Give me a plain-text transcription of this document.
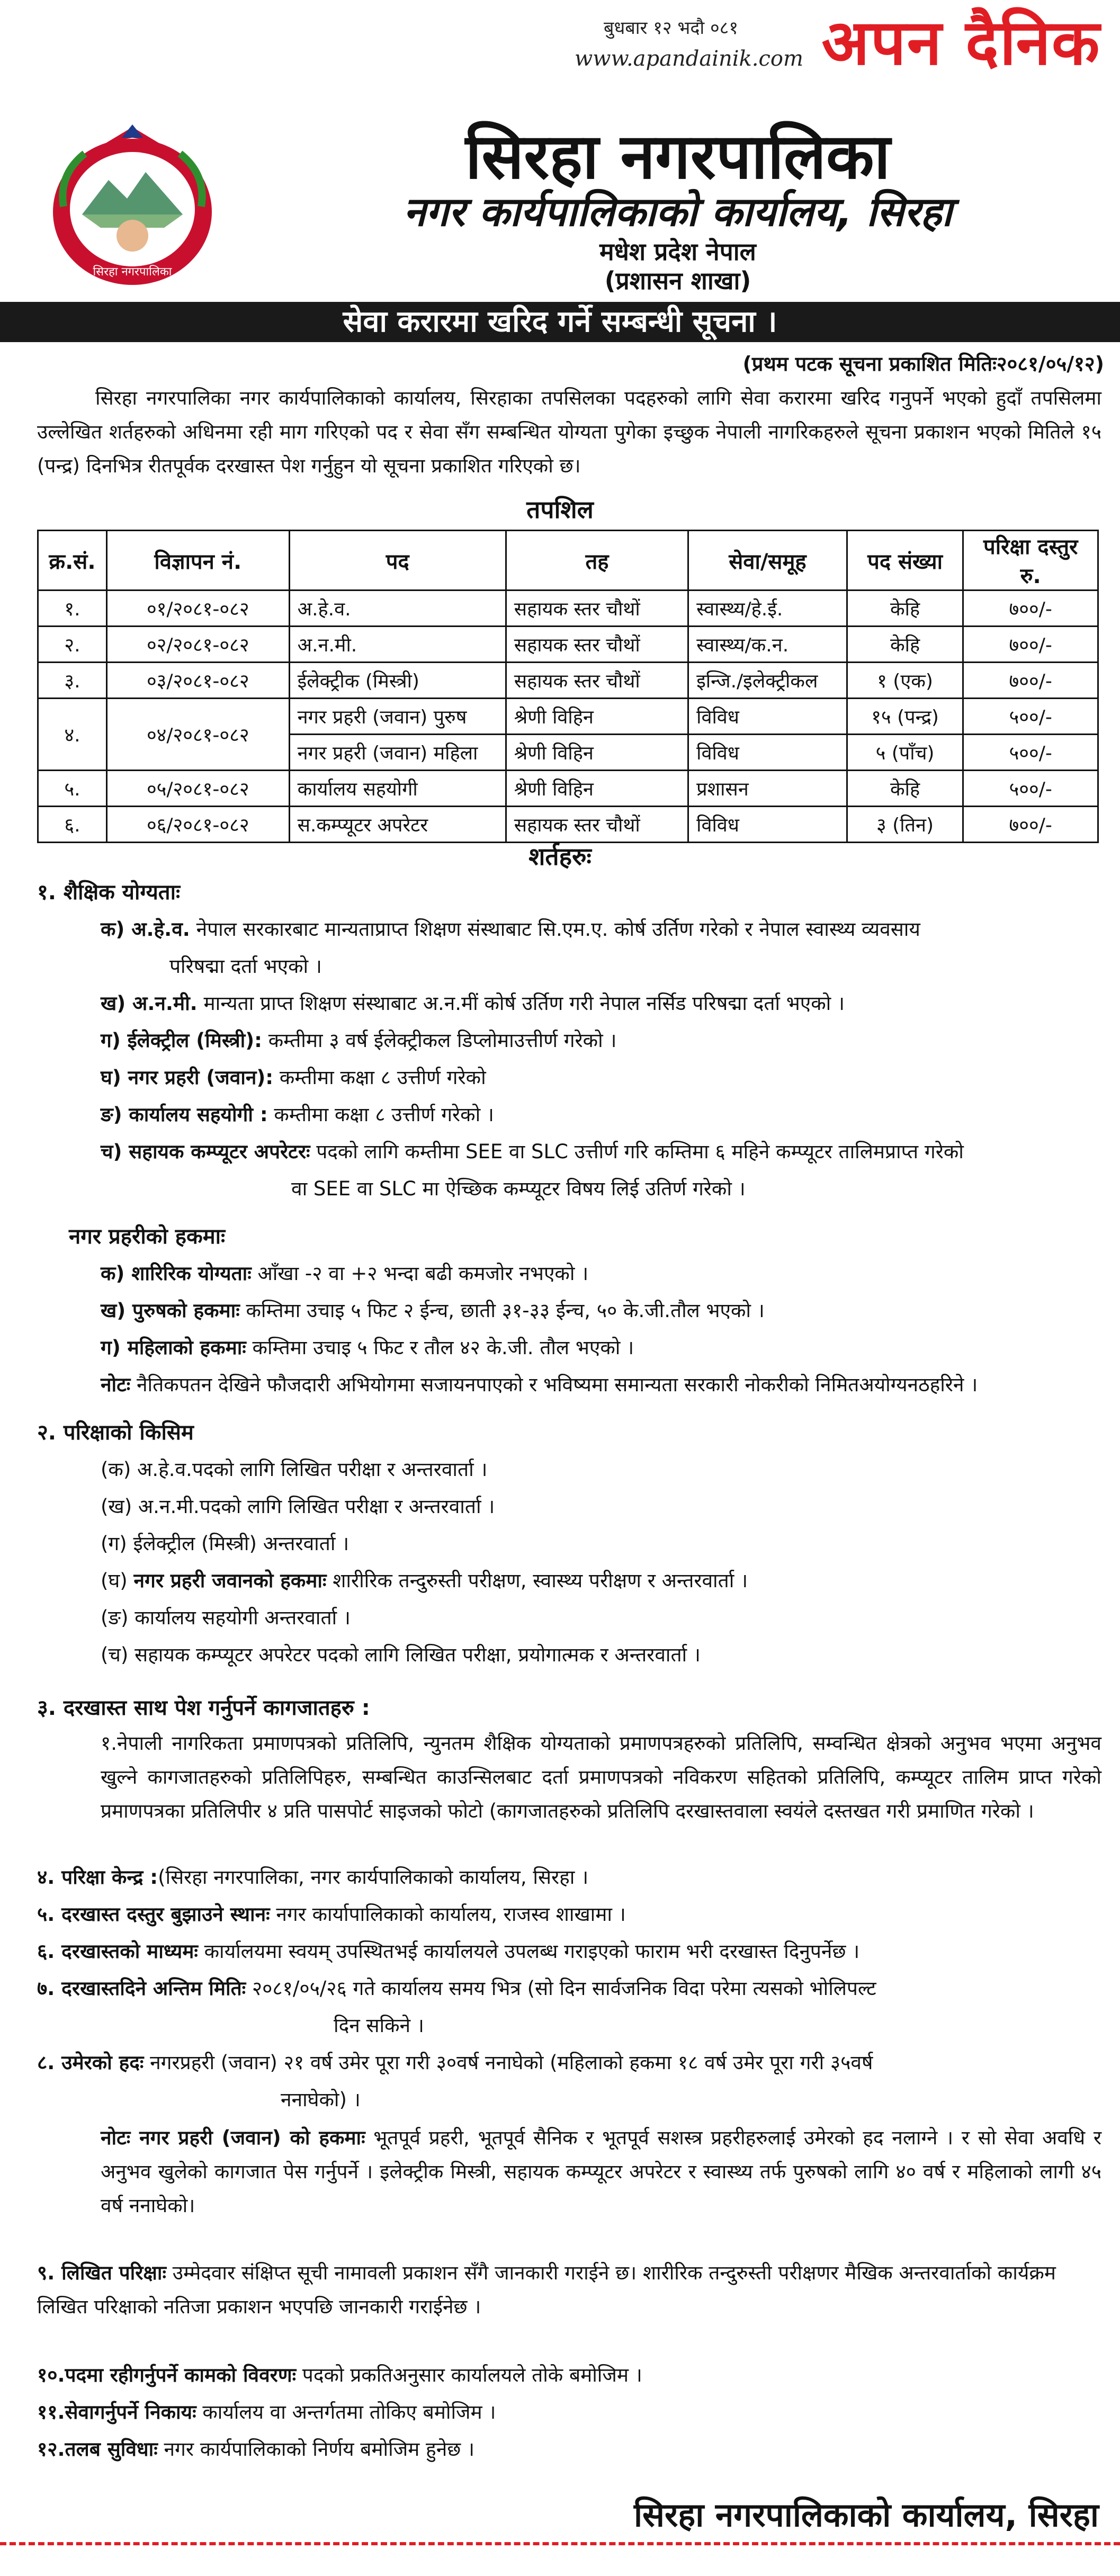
बुधबार १२ भदौ ०८१
www.apandainik.com अपन दैनिक
सिरहा नगरपालिका
सिरहा नगरपालिका
नगर कार्यपालिकाको कार्यालय, सिरहा
मधेश प्रदेश नेपाल
(प्रशासन शाखा)
सेवा करारमा खरिद गर्ने सम्बन्धी सूचना ।
(प्रथम पटक सूचना प्रकाशित मितिः२०८१/०५/१२)
सिरहा नगरपालिका नगर कार्यपालिकाको कार्यालय, सिरहाका तपसिलका पदहरुको लागि सेवा करारमा खरिद गनुपर्ने भएको हुदाँ तपसिलमा उल्लेखित शर्तहरुको अधिनमा रही माग गरिएको पद र सेवा सँग सम्बन्धित योग्यता पुगेका इच्छुक नेपाली नागरिकहरुले सूचना प्रकाशन भएको मितिले १५ (पन्द्र) दिनभित्र रीतपूर्वक दरखास्त पेश गर्नुहुन यो सूचना प्रकाशित गरिएको छ।
तपशिल
क्र.सं.	विज्ञापन नं.	पद	तह	सेवा/समूह	पद संख्या	परिक्षा दस्तुर रु.
१.	०१/२०८१-०८२	अ.हे.व.	सहायक स्तर चौथों	स्वास्थ्य/हे.ई.	केहि	७००/-
२.	०२/२०८१-०८२	अ.न.मी.	सहायक स्तर चौथों	स्वास्थ्य/क.न.	केहि	७००/-
३.	०३/२०८१-०८२	ईलेक्ट्रीक (मिस्त्री)	सहायक स्तर चौथों	इन्जि./इलेक्ट्रीकल	१ (एक)	७००/-
४.	०४/२०८१-०८२	नगर प्रहरी (जवान) पुरुष	श्रेणी विहिन	विविध	१५ (पन्द्र)	५००/-
		नगर प्रहरी (जवान) महिला	श्रेणी विहिन	विविध	५ (पाँच)	५००/-
५.	०५/२०८१-०८२	कार्यालय सहयोगी	श्रेणी विहिन	प्रशासन	केहि	५००/-
६.	०६/२०८१-०८२	स.कम्प्यूटर अपरेटर	सहायक स्तर चौथों	विविध	३ (तिन)	७००/-
शर्तहरुः
१. शैक्षिक योग्यताः
क) अ.हे.व. नेपाल सरकारबाट मान्यताप्राप्त शिक्षण संस्थाबाट सि.एम.ए. कोर्ष उर्तिण गरेको र नेपाल स्वास्थ्य व्यवसाय
परिषद्मा दर्ता भएको ।
ख) अ.न.मी. मान्यता प्राप्त शिक्षण संस्थाबाट अ.न.मीं कोर्ष उर्तिण गरी नेपाल नर्सिड परिषद्मा दर्ता भएको ।
ग) ईलेक्ट्रील (मिस्त्री): कम्तीमा ३ वर्ष ईलेक्ट्रीकल डिप्लोमाउत्तीर्ण गरेको ।
घ) नगर प्रहरी (जवान): कम्तीमा कक्षा ८ उत्तीर्ण गरेको
ङ) कार्यालय सहयोगी : कम्तीमा कक्षा ८ उत्तीर्ण गरेको ।
च) सहायक कम्प्यूटर अपरेटरः पदको लागि कम्तीमा SEE वा SLC उत्तीर्ण गरि कम्तिमा ६ महिने कम्प्यूटर तालिमप्राप्त गरेको
वा SEE वा SLC मा ऐच्छिक कम्प्यूटर विषय लिई उतिर्ण गरेको ।
नगर प्रहरीको हकमाः
क) शारिरिक योग्यताः आँखा -२ वा +२ भन्दा बढी कमजोर नभएको ।
ख) पुरुषको हकमाः कम्तिमा उचाइ ५ फिट २ ईन्च, छाती ३१-३३ ईन्च, ५० के.जी.तौल भएको ।
ग) महिलाको हकमाः कम्तिमा उचाइ ५ फिट र तौल ४२ के.जी. तौल भएको ।
नोटः नैतिकपतन देखिने फौजदारी अभियोगमा सजायनपाएको र भविष्यमा समान्यता सरकारी नोकरीको निमितअयोग्यनठहरिने ।
२. परिक्षाको किसिम
(क) अ.हे.व.पदको लागि लिखित परीक्षा र अन्तरवार्ता ।
(ख) अ.न.मी.पदको लागि लिखित परीक्षा र अन्तरवार्ता ।
(ग) ईलेक्ट्रील (मिस्त्री) अन्तरवार्ता ।
(घ) नगर प्रहरी जवानको हकमाः शारीरिक तन्दुरुस्ती परीक्षण, स्वास्थ्य परीक्षण र अन्तरवार्ता ।
(ङ) कार्यालय सहयोगी अन्तरवार्ता ।
(च) सहायक कम्प्यूटर अपरेटर पदको लागि लिखित परीक्षा, प्रयोगात्मक र अन्तरवार्ता ।
३. दरखास्त साथ पेश गर्नुपर्ने कागजातहरु :
१.नेपाली नागरिकता प्रमाणपत्रको प्रतिलिपि, न्युनतम शैक्षिक योग्यताको प्रमाणपत्रहरुको प्रतिलिपि, सम्वन्धित क्षेत्रको अनुभव भएमा अनुभव खुल्ने कागजातहरुको प्रतिलिपिहरु, सम्बन्धित काउन्सिलबाट दर्ता प्रमाणपत्रको नविकरण सहितको प्रतिलिपि, कम्प्यूटर तालिम प्राप्त गरेको प्रमाणपत्रका प्रतिलिपीर ४ प्रति पासपोर्ट साइजको फोटो (कागजातहरुको प्रतिलिपि दरखास्तवाला स्वयंले दस्तखत गरी प्रमाणित गरेको ।
४. परिक्षा केन्द्र :(सिरहा नगरपालिका, नगर कार्यपालिकाको कार्यालय, सिरहा ।
५. दरखास्त दस्तुर बुझाउने स्थानः नगर कार्यापालिकाको कार्यालय, राजस्व शाखामा ।
६. दरखास्तको माध्यमः कार्यालयमा स्वयम् उपस्थितभई कार्यालयले उपलब्ध गराइएको फाराम भरी दरखास्त दिनुपर्नेछ ।
७. दरखास्तदिने अन्तिम मितिः २०८१/०५/२६ गते कार्यालय समय भित्र (सो दिन सार्वजनिक विदा परेमा त्यसको भोलिपल्ट
दिन सकिने ।
८. उमेरको हदः नगरप्रहरी (जवान) २१ वर्ष उमेर पूरा गरी ३०वर्ष ननाघेको (महिलाको हकमा १८ वर्ष उमेर पूरा गरी ३५वर्ष
ननाघेको) ।
नोटः नगर प्रहरी (जवान) को हकमाः भूतपूर्व प्रहरी, भूतपूर्व सैनिक र भूतपूर्व सशस्त्र प्रहरीहरुलाई उमेरको हद नलाग्ने । र सो सेवा अवधि र अनुभव खुलेको कागजात पेस गर्नुपर्ने । इलेक्ट्रीक मिस्त्री, सहायक कम्प्यूटर अपरेटर र स्वास्थ्य तर्फ पुरुषको लागि ४० वर्ष र महिलाको लागी ४५ वर्ष ननाघेको।
९. लिखित परिक्षाः उम्मेदवार संक्षिप्त सूची नामावली प्रकाशन सँगै जानकारी गराईने छ। शारीरिक तन्दुरुस्ती परीक्षणर मैखिक अन्तरवार्ताको कार्यक्रम लिखित परिक्षाको नतिजा प्रकाशन भएपछि जानकारी गराईनेछ ।
१०.पदमा रहीगर्नुपर्ने कामको विवरणः पदको प्रकतिअनुसार कार्यालयले तोके बमोजिम ।
११.सेवागर्नुपर्ने निकायः कार्यालय वा अन्तर्गतमा तोकिए बमोजिम ।
१२.तलब सुविधाः नगर कार्यपालिकाको निर्णय बमोजिम हुनेछ ।
सिरहा नगरपालिकाको कार्यालय, सिरहा
